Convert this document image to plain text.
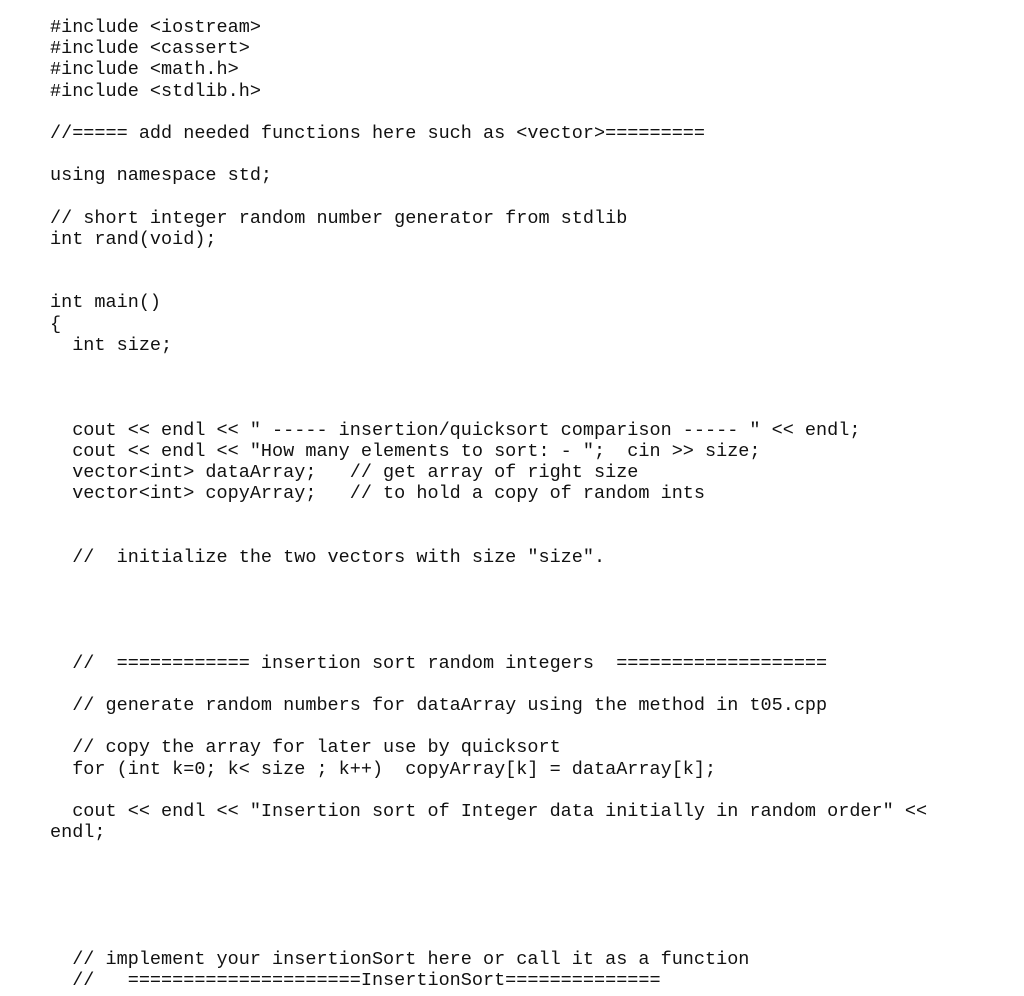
#include <iostream>
#include <cassert>
#include <math.h>
#include <stdlib.h>
//===== add needed functions here such as <vector>=========
using namespace std;
// short integer random number generator from stdlib
int rand(void);
int main()
{
int size;
cout << endl << " ----- insertion/quicksort comparison ----- " << endl;
cout << endl << "How many elements to sort: - ";  cin >> size;
vector<int> dataArray;   // get array of right size
vector<int> copyArray;   // to hold a copy of random ints
//  initialize the two vectors with size "size".
//  ============ insertion sort random integers  ===================
// generate random numbers for dataArray using the method in t05.cpp
// copy the array for later use by quicksort
for (int k=0; k< size ; k++)  copyArray[k] = dataArray[k];
cout << endl << "Insertion sort of Integer data initially in random order" <<
endl;
// implement your insertionSort here or call it as a function
//   =====================InsertionSort==============
